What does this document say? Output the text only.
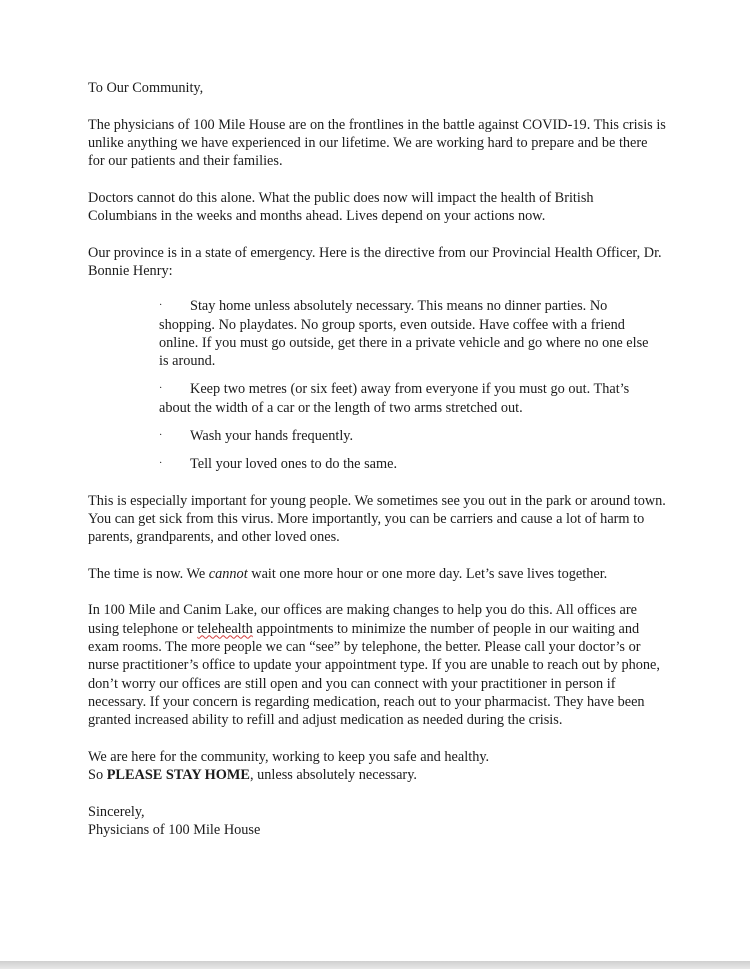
To Our Community,

The physicians of 100 Mile House are on the frontlines in the battle against COVID-19. This crisis is unlike anything we have experienced in our lifetime. We are working hard to prepare and be there for our patients and their families.

Doctors cannot do this alone. What the public does now will impact the health of British Columbians in the weeks and months ahead. Lives depend on your actions now.

Our province is in a state of emergency. Here is the directive from our Provincial Health Officer, Dr. Bonnie Henry:

· Stay home unless absolutely necessary. This means no dinner parties. No shopping. No playdates. No group sports, even outside. Have coffee with a friend online. If you must go outside, get there in a private vehicle and go where no one else is around.
· Keep two metres (or six feet) away from everyone if you must go out. That’s about the width of a car or the length of two arms stretched out.
· Wash your hands frequently.
· Tell your loved ones to do the same.

This is especially important for young people. We sometimes see you out in the park or around town. You can get sick from this virus. More importantly, you can be carriers and cause a lot of harm to parents, grandparents, and other loved ones.

The time is now. We cannot wait one more hour or one more day. Let’s save lives together.

In 100 Mile and Canim Lake, our offices are making changes to help you do this. All offices are using telephone or telehealth appointments to minimize the number of people in our waiting and exam rooms. The more people we can “see” by telephone, the better. Please call your doctor’s or nurse practitioner’s office to update your appointment type. If you are unable to reach out by phone, don’t worry our offices are still open and you can connect with your practitioner in person if necessary. If your concern is regarding medication, reach out to your pharmacist. They have been granted increased ability to refill and adjust medication as needed during the crisis.

We are here for the community, working to keep you safe and healthy.
So PLEASE STAY HOME, unless absolutely necessary.

Sincerely,

Physicians of 100 Mile House
